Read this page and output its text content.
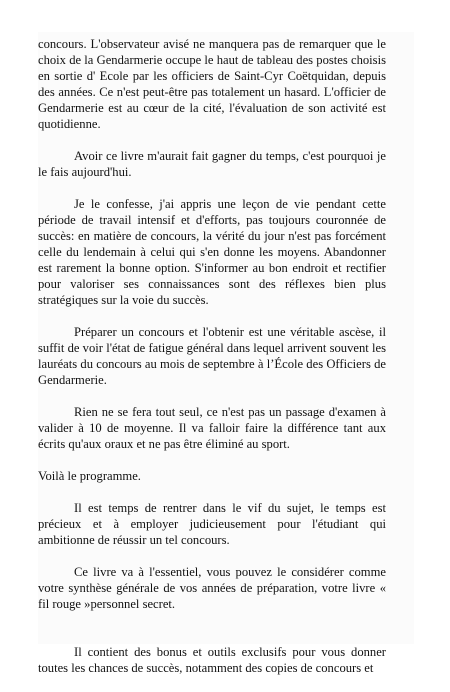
concours. L'observateur avisé ne manquera pas de remarquer que le choix de la Gendarmerie occupe le haut de tableau des postes choisis en sortie d' Ecole par les officiers de Saint-Cyr Coëtquidan, depuis des années. Ce n'est peut-être pas totalement un hasard. L'officier de Gendarmerie est au cœur de la cité, l'évaluation de son activité est quotidienne.

Avoir ce livre m'aurait fait gagner du temps, c'est pourquoi je le fais aujourd'hui.

Je le confesse, j'ai appris une leçon de vie pendant cette période de travail intensif et d'efforts, pas toujours couronnée de succès: en matière de concours, la vérité du jour n'est pas forcément celle du lendemain à celui qui s'en donne les moyens. Abandonner est rarement la bonne option. S'informer au bon endroit et rectifier pour valoriser ses connaissances sont des réflexes bien plus stratégiques sur la voie du succès.

Préparer un concours et l'obtenir est une véritable ascèse, il suffit de voir l'état de fatigue général dans lequel arrivent souvent les lauréats du concours au mois de septembre à l’École des Officiers de Gendarmerie.

Rien ne se fera tout seul, ce n'est pas un passage d'examen à valider à 10 de moyenne. Il va falloir faire la différence tant aux écrits qu'aux oraux et ne pas être éliminé au sport.

Voilà le programme.

Il est temps de rentrer dans le vif du sujet, le temps est précieux et à employer judicieusement pour l'étudiant qui ambitionne de réussir un tel concours.

Ce livre va à l'essentiel, vous pouvez le considérer comme votre synthèse générale de vos années de préparation, votre livre « fil rouge »personnel secret.

Il contient des bonus et outils exclusifs pour vous donner toutes les chances de succès, notamment des copies de concours et
